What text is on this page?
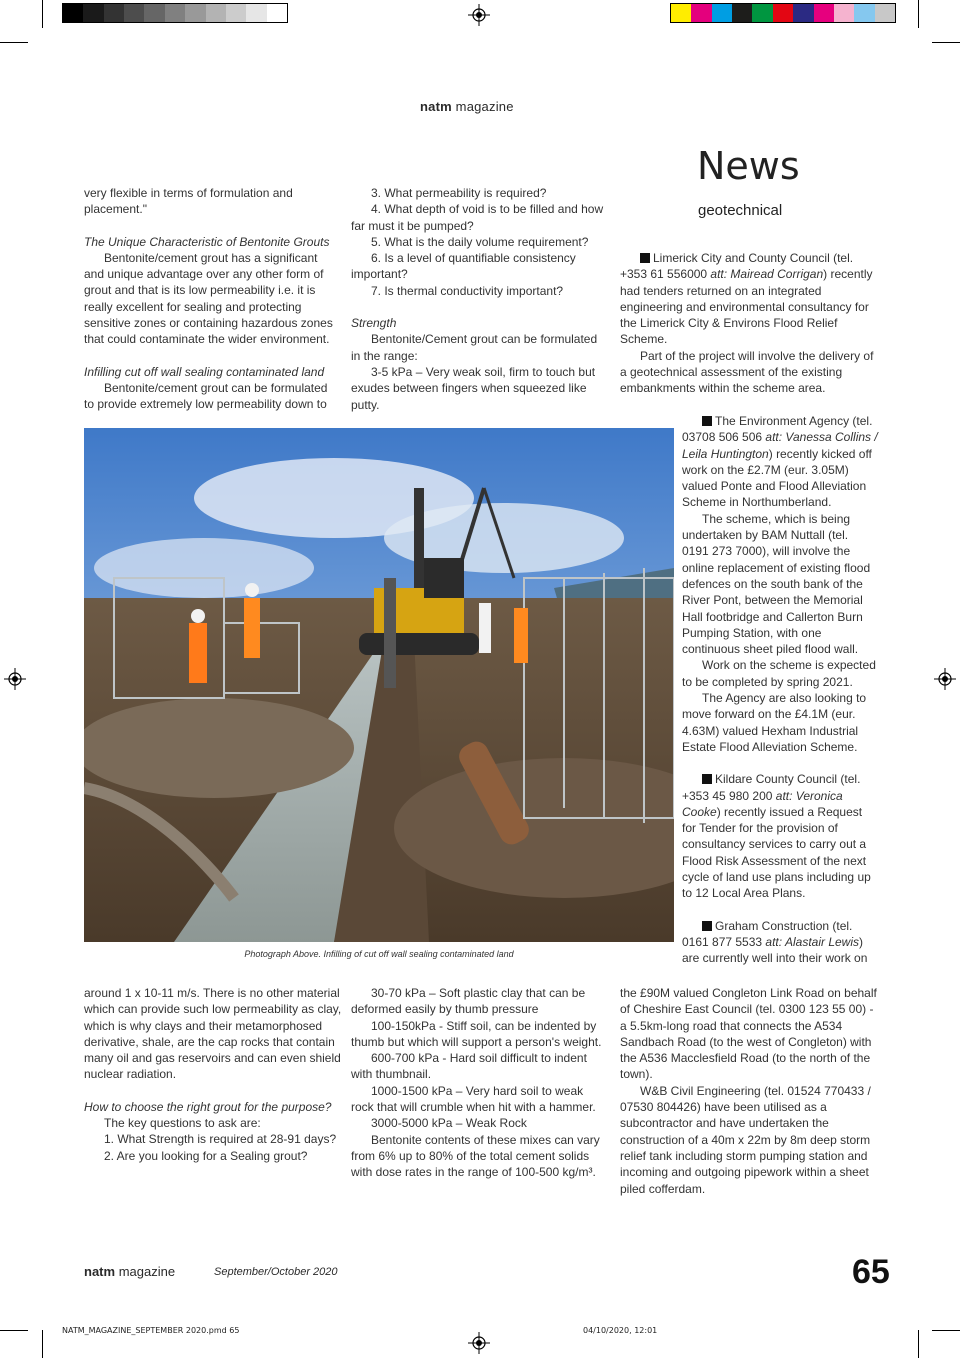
natm magazine
News
geotechnical

very flexible in terms of formulation and placement."

The Unique Characteristic of Bentonite Grouts

Bentonite/cement grout has a significant and unique advantage over any other form of grout and that is its low permeability i.e. it is really excellent for sealing and protecting sensitive zones or containing hazardous zones that could contaminate the wider environment.

Infilling cut off wall sealing contaminated land

Bentonite/cement grout can be formulated to provide extremely low permeability down to

3. What permeability is required?

4. What depth of void is to be filled and how far must it be pumped?

5. What is the daily volume requirement?

6. Is a level of quantifiable consistency important?

7. Is thermal conductivity important?

Strength

Bentonite/Cement grout can be formulated in the range:

3-5 kPa – Very weak soil, firm to touch but exudes between fingers when squeezed like putty.

Limerick City and County Council (tel. +353 61 556000 att: Mairead Corrigan) recently had tenders returned on an integrated engineering and environmental consultancy for the Limerick City & Environs Flood Relief Scheme.

Part of the project will involve the delivery of a geotechnical assessment of the existing embankments within the scheme area.

The Environment Agency (tel. 03708 506 506 att: Vanessa Collins / Leila Huntington) recently kicked off work on the £2.7M (eur. 3.05M) valued Ponte and Flood Alleviation Scheme in Northumberland.

The scheme, which is being undertaken by BAM Nuttall (tel. 0191 273 7000), will involve the online replacement of existing flood defences on the south bank of the River Pont, between the Memorial Hall footbridge and Callerton Burn Pumping Station, with one continuous sheet piled flood wall.

Work on the scheme is expected to be completed by spring 2021.

The Agency are also looking to move forward on the £4.1M (eur. 4.63M) valued Hexham Industrial Estate Flood Alleviation Scheme.

Kildare County Council (tel. +353 45 980 200 att: Veronica Cooke) recently issued a Request for Tender for the provision of consultancy services to carry out a Flood Risk Assessment of the next cycle of land use plans including up to 12 Local Area Plans.

Graham Construction (tel. 0161 877 5533 att: Alastair Lewis) are currently well into their work on

Photograph Above. Infilling of cut off wall sealing contaminated land

around 1 x 10-11 m/s. There is no other material which can provide such low permeability as clay, which is why clays and their metamorphosed derivative, shale, are the cap rocks that contain many oil and gas reservoirs and can even shield nuclear radiation.

How to choose the right grout for the purpose?

The key questions to ask are:

1. What Strength is required at 28-91 days?

2. Are you looking for a Sealing grout?

30-70 kPa – Soft plastic clay that can be deformed easily by thumb pressure

100-150kPa - Stiff soil, can be indented by thumb but which will support a person's weight.

600-700 kPa - Hard soil difficult to indent with thumbnail.

1000-1500 kPa – Very hard soil to weak rock that will crumble when hit with a hammer.

3000-5000 kPa – Weak Rock

Bentonite contents of these mixes can vary from 6% up to 80% of the total cement solids with dose rates in the range of 100-500 kg/m³.

the £90M valued Congleton Link Road on behalf of Cheshire East Council (tel. 0300 123 55 00) - a 5.5km-long road that connects the A534 Sandbach Road (to the west of Congleton) with the A536 Macclesfield Road (to the north of the town).

W&B Civil Engineering (tel. 01524 770433 / 07530 804426) have been utilised as a subcontractor and have undertaken the construction of a 40m x 22m by 8m deep storm relief tank including storm pumping station and incoming and outgoing pipework within a sheet piled cofferdam.

natm magazine	September/October 2020	65
NATM_MAGAZINE_SEPTEMBER 2020.pmd 65	04/10/2020, 12:01
